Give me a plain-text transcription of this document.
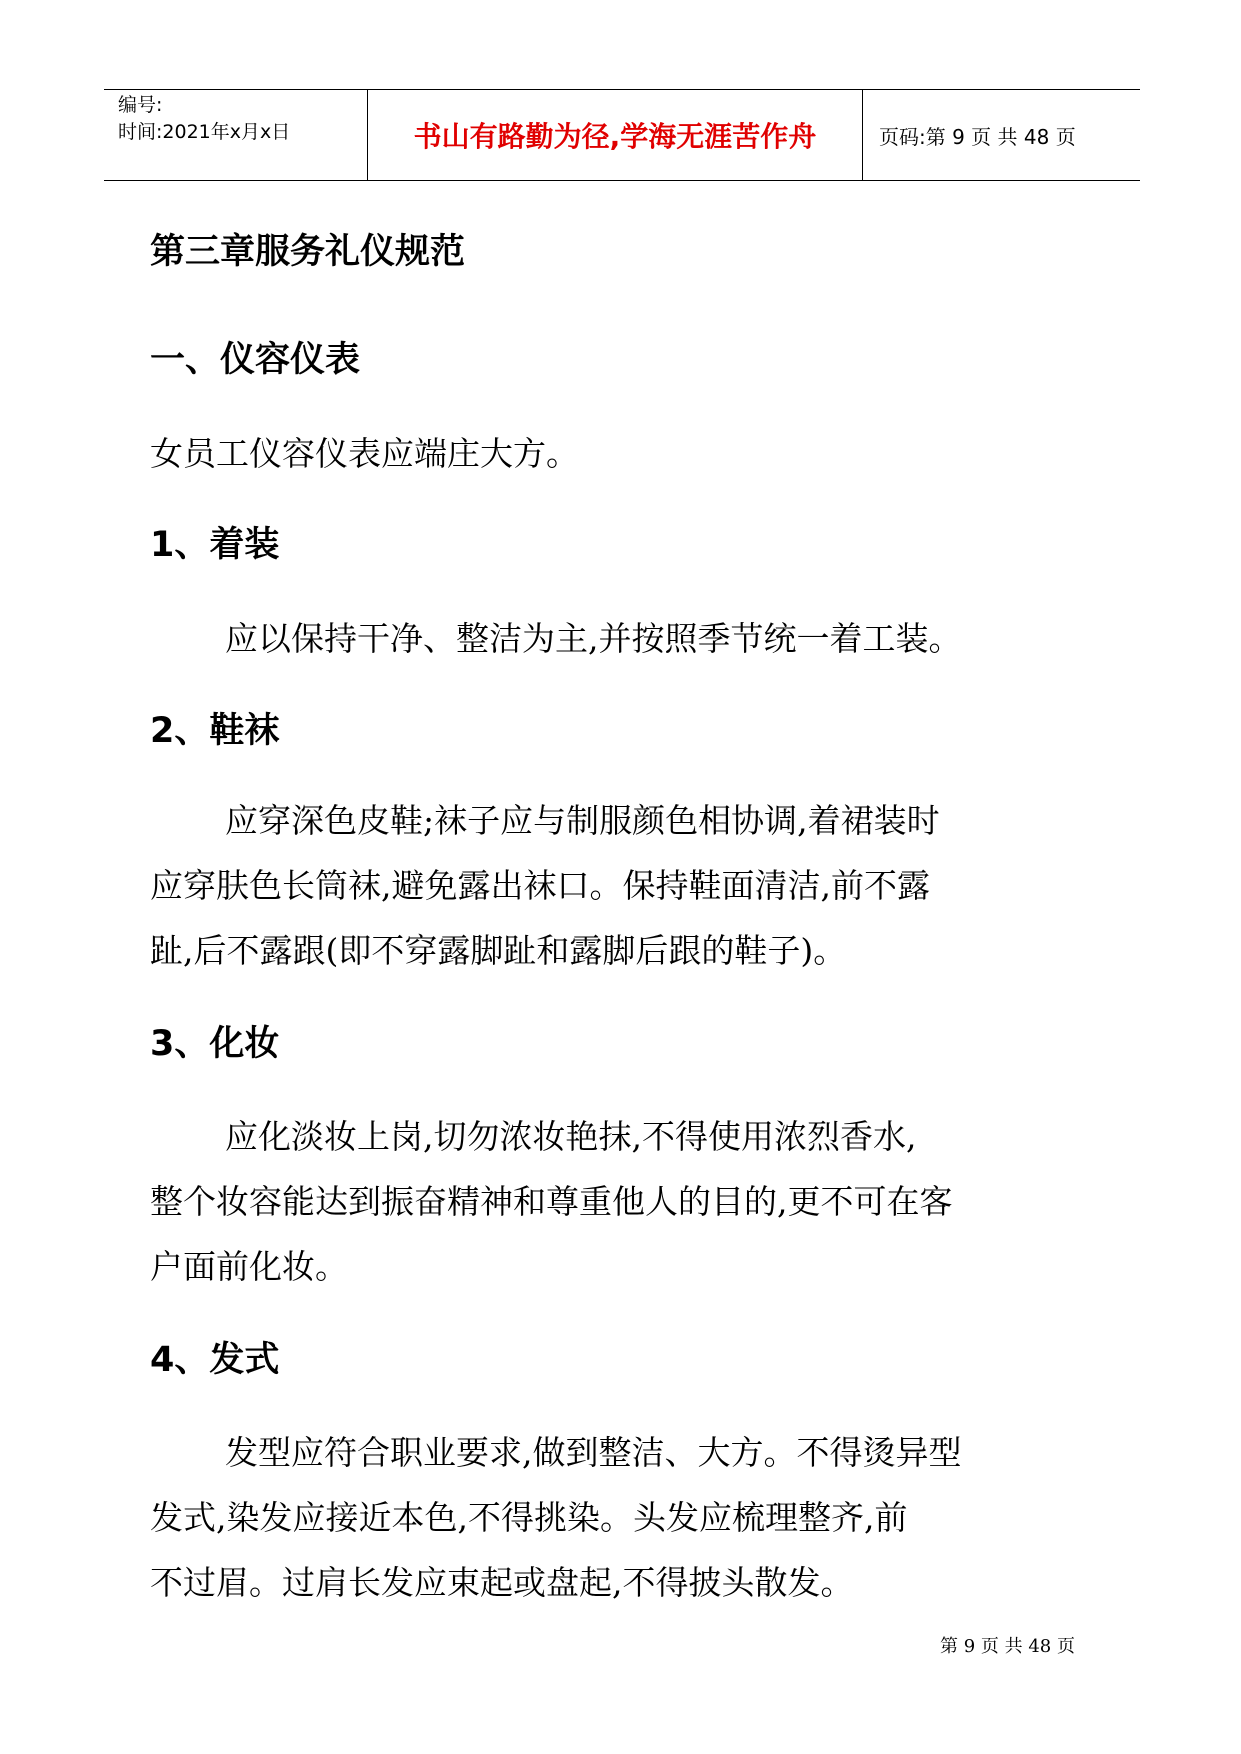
编号:
时间:2021年x月x日	书山有路勤为径,学海无涯苦作舟	页码:第 9 页 共 48 页
第三章服务礼仪规范
一、仪容仪表
女员工仪容仪表应端庄大方。
1、着装
应以保持干净、整洁为主,并按照季节统一着工装。
2、鞋袜
应穿深色皮鞋;袜子应与制服颜色相协调,着裙装时
应穿肤色长筒袜,避免露出袜口。保持鞋面清洁,前不露
趾,后不露跟(即不穿露脚趾和露脚后跟的鞋子)。
3、化妆
应化淡妆上岗,切勿浓妆艳抹,不得使用浓烈香水,
整个妆容能达到振奋精神和尊重他人的目的,更不可在客
户面前化妆。
4、发式
发型应符合职业要求,做到整洁、大方。不得烫异型
发式,染发应接近本色,不得挑染。头发应梳理整齐,前
不过眉。过肩长发应束起或盘起,不得披头散发。
第 9 页 共 48 页
